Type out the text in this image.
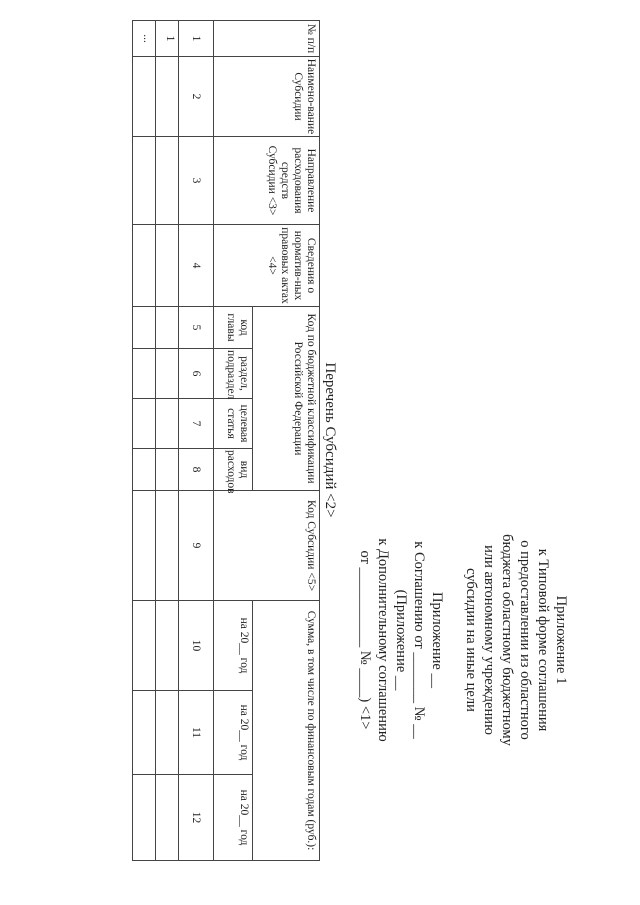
Приложение 1
к Типовой форме соглашения
о предоставлении из областного
бюджета областному бюджетному
или автономному учреждению
субсидии на иные цели
Приложение __
к Соглашению от _______ № __
(Приложение __
к Дополнительному соглашению
от ___________ № ____) <1>
Перечень Субсидий <2>
№ п/п	Наимено-вание Субсидии	Направление расходования средств Субсидии <3>	Сведения о норматив-ных правовых актах <4>	Код по бюджетной классификации Российской Федерации				Код Субсидии <5>	Сумма, в том числе по финансовым годам (руб.):		
				код главы	раздел, подраздел	целевая статья	вид расходов		на 20__ год	на 20__ год	на 20__ год
1	2	3	4	5	6	7	8	9	10	11	12
1											
...											
